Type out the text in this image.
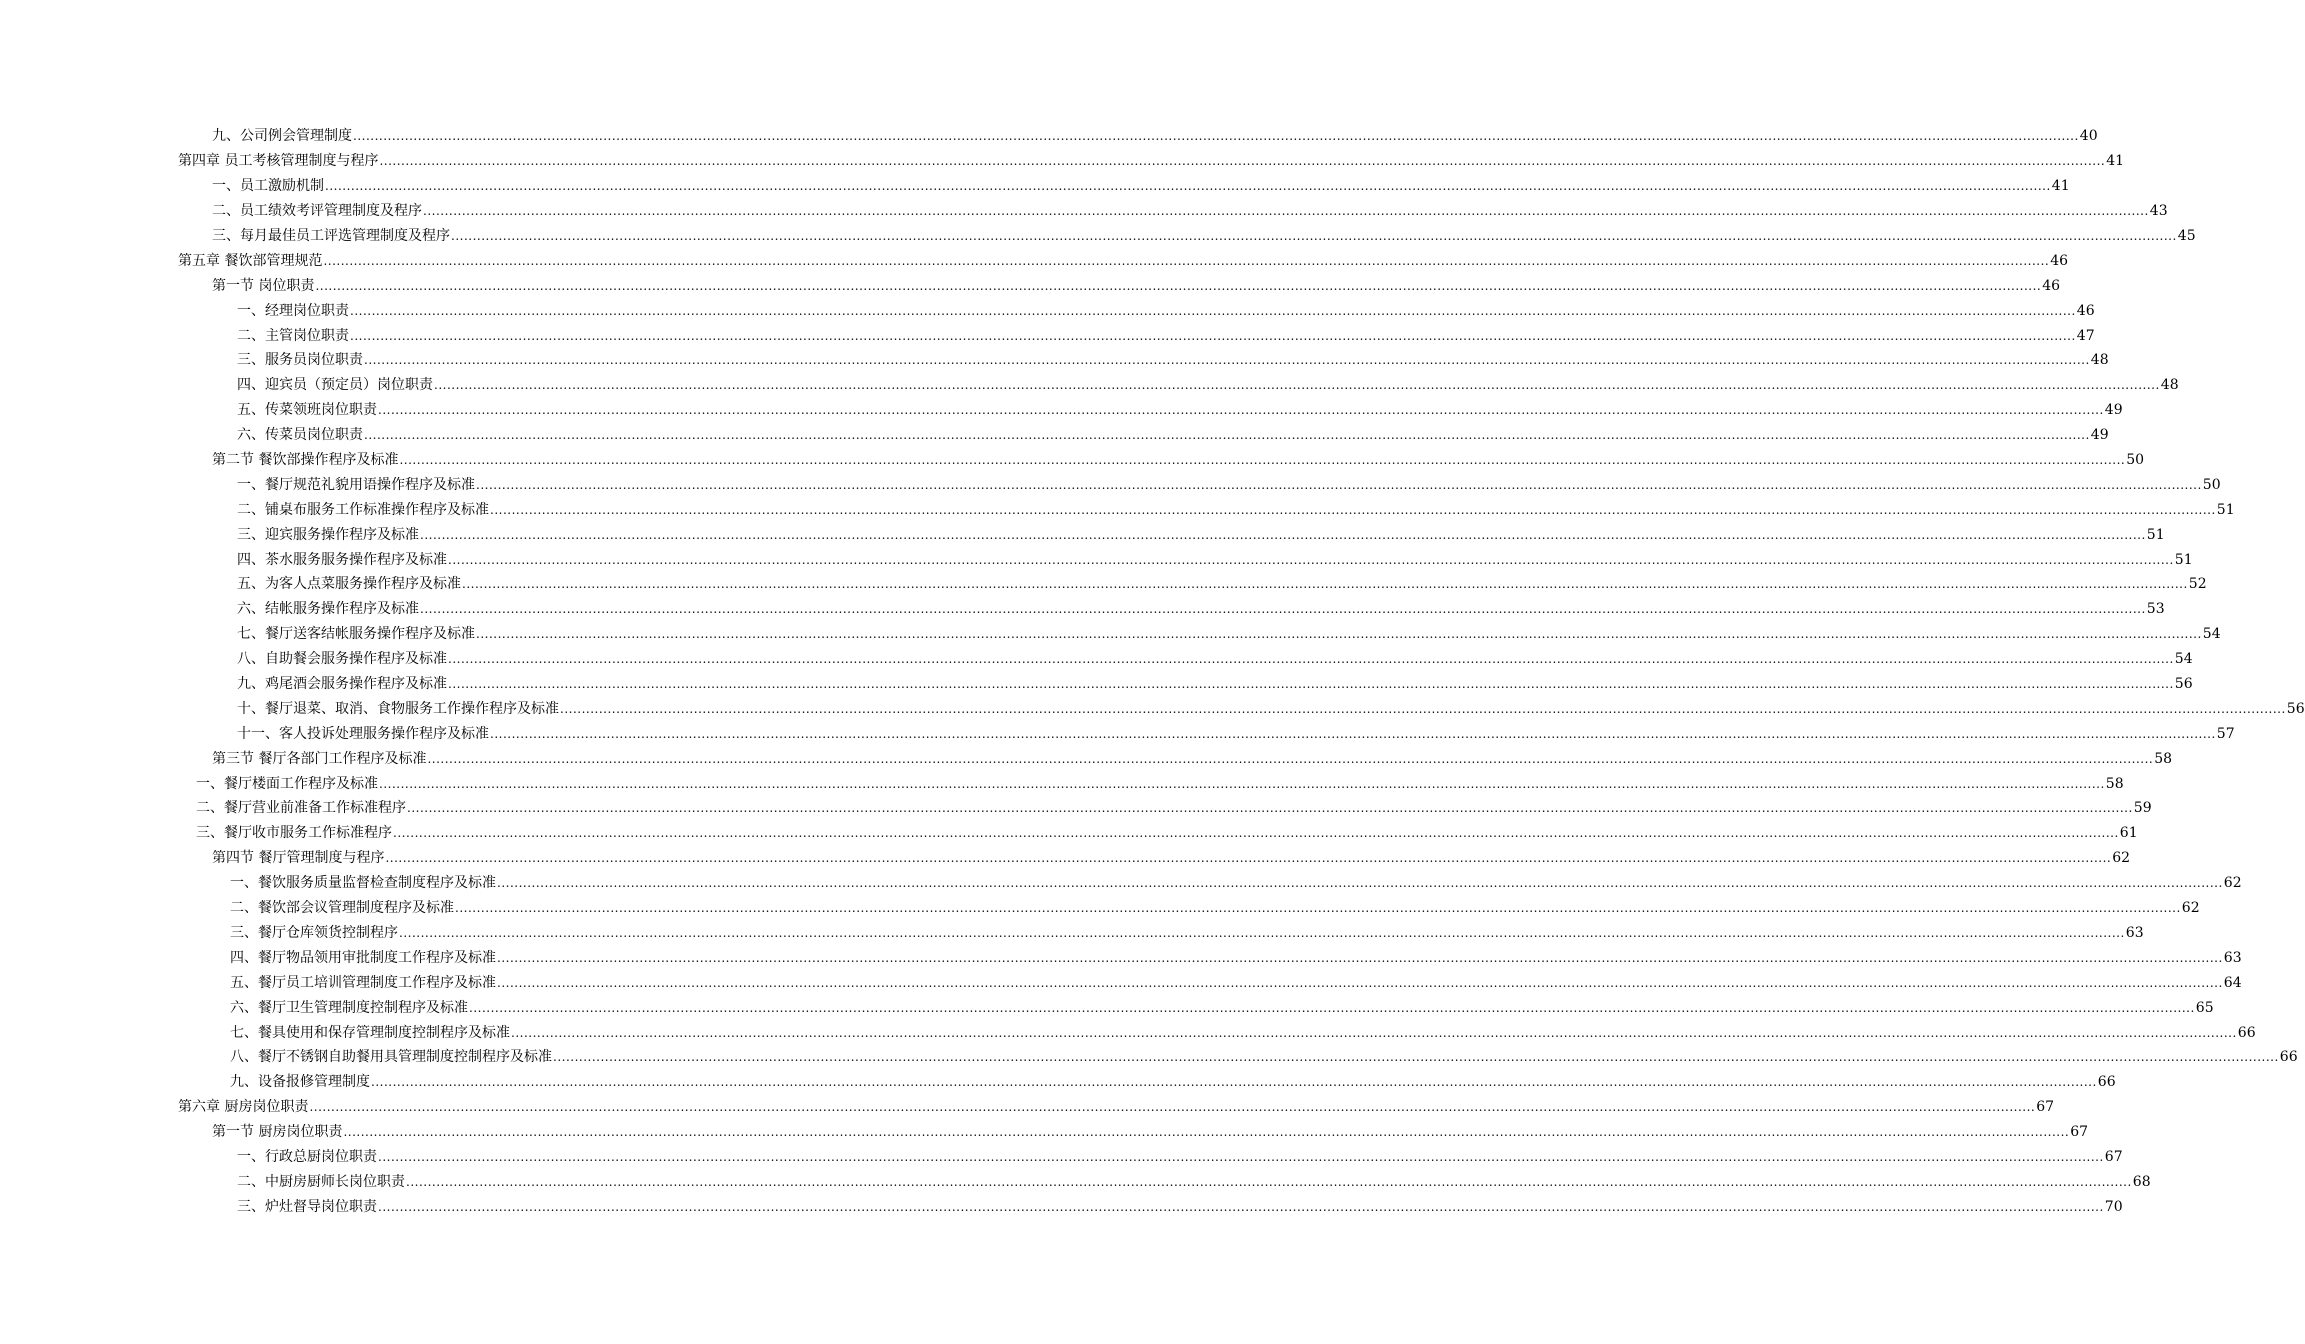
九、公司例会管理制度 ................................................................................................................................................................................................................................................................................................................................................................................................................ 40
第四章 员工考核管理制度与程序 ................................................................................................................................................................................................................................................................................................................................................................................................................ 41
一、员工激励机制 ................................................................................................................................................................................................................................................................................................................................................................................................................ 41
二、员工绩效考评管理制度及程序 ................................................................................................................................................................................................................................................................................................................................................................................................................ 43
三、每月最佳员工评选管理制度及程序 ................................................................................................................................................................................................................................................................................................................................................................................................................ 45
第五章 餐饮部管理规范 ................................................................................................................................................................................................................................................................................................................................................................................................................ 46
第一节 岗位职责 ................................................................................................................................................................................................................................................................................................................................................................................................................ 46
一、经理岗位职责 ................................................................................................................................................................................................................................................................................................................................................................................................................ 46
二、主管岗位职责 ................................................................................................................................................................................................................................................................................................................................................................................................................ 47
三、服务员岗位职责 ................................................................................................................................................................................................................................................................................................................................................................................................................ 48
四、迎宾员（预定员）岗位职责 ................................................................................................................................................................................................................................................................................................................................................................................................................ 48
五、传菜领班岗位职责 ................................................................................................................................................................................................................................................................................................................................................................................................................ 49
六、传菜员岗位职责 ................................................................................................................................................................................................................................................................................................................................................................................................................ 49
第二节 餐饮部操作程序及标准 ................................................................................................................................................................................................................................................................................................................................................................................................................ 50
一、餐厅规范礼貌用语操作程序及标准 ................................................................................................................................................................................................................................................................................................................................................................................................................ 50
二、铺桌布服务工作标准操作程序及标准 ................................................................................................................................................................................................................................................................................................................................................................................................................ 51
三、迎宾服务操作程序及标准 ................................................................................................................................................................................................................................................................................................................................................................................................................ 51
四、茶水服务服务操作程序及标准 ................................................................................................................................................................................................................................................................................................................................................................................................................ 51
五、为客人点菜服务操作程序及标准 ................................................................................................................................................................................................................................................................................................................................................................................................................ 52
六、结帐服务操作程序及标准 ................................................................................................................................................................................................................................................................................................................................................................................................................ 53
七、餐厅送客结帐服务操作程序及标准 ................................................................................................................................................................................................................................................................................................................................................................................................................ 54
八、自助餐会服务操作程序及标准 ................................................................................................................................................................................................................................................................................................................................................................................................................ 54
九、鸡尾酒会服务操作程序及标准 ................................................................................................................................................................................................................................................................................................................................................................................................................ 56
十、餐厅退菜、取消、食物服务工作操作程序及标准 ................................................................................................................................................................................................................................................................................................................................................................................................................ 56
十一、客人投诉处理服务操作程序及标准 ................................................................................................................................................................................................................................................................................................................................................................................................................ 57
第三节 餐厅各部门工作程序及标准 ................................................................................................................................................................................................................................................................................................................................................................................................................ 58
一、餐厅楼面工作程序及标准 ................................................................................................................................................................................................................................................................................................................................................................................................................ 58
二、餐厅营业前准备工作标准程序 ................................................................................................................................................................................................................................................................................................................................................................................................................ 59
三、餐厅收市服务工作标准程序 ................................................................................................................................................................................................................................................................................................................................................................................................................ 61
第四节 餐厅管理制度与程序 ................................................................................................................................................................................................................................................................................................................................................................................................................ 62
一、餐饮服务质量监督检查制度程序及标准 ................................................................................................................................................................................................................................................................................................................................................................................................................ 62
二、餐饮部会议管理制度程序及标准 ................................................................................................................................................................................................................................................................................................................................................................................................................ 62
三、餐厅仓库领货控制程序 ................................................................................................................................................................................................................................................................................................................................................................................................................ 63
四、餐厅物品领用审批制度工作程序及标准 ................................................................................................................................................................................................................................................................................................................................................................................................................ 63
五、餐厅员工培训管理制度工作程序及标准 ................................................................................................................................................................................................................................................................................................................................................................................................................ 64
六、餐厅卫生管理制度控制程序及标准 ................................................................................................................................................................................................................................................................................................................................................................................................................ 65
七、餐具使用和保存管理制度控制程序及标准 ................................................................................................................................................................................................................................................................................................................................................................................................................ 66
八、餐厅不锈钢自助餐用具管理制度控制程序及标准 ................................................................................................................................................................................................................................................................................................................................................................................................................ 66
九、设备报修管理制度 ................................................................................................................................................................................................................................................................................................................................................................................................................ 66
第六章 厨房岗位职责 ................................................................................................................................................................................................................................................................................................................................................................................................................ 67
第一节 厨房岗位职责 ................................................................................................................................................................................................................................................................................................................................................................................................................ 67
一、行政总厨岗位职责 ................................................................................................................................................................................................................................................................................................................................................................................................................ 67
二、中厨房厨师长岗位职责 ................................................................................................................................................................................................................................................................................................................................................................................................................ 68
三、炉灶督导岗位职责 ................................................................................................................................................................................................................................................................................................................................................................................................................ 70
